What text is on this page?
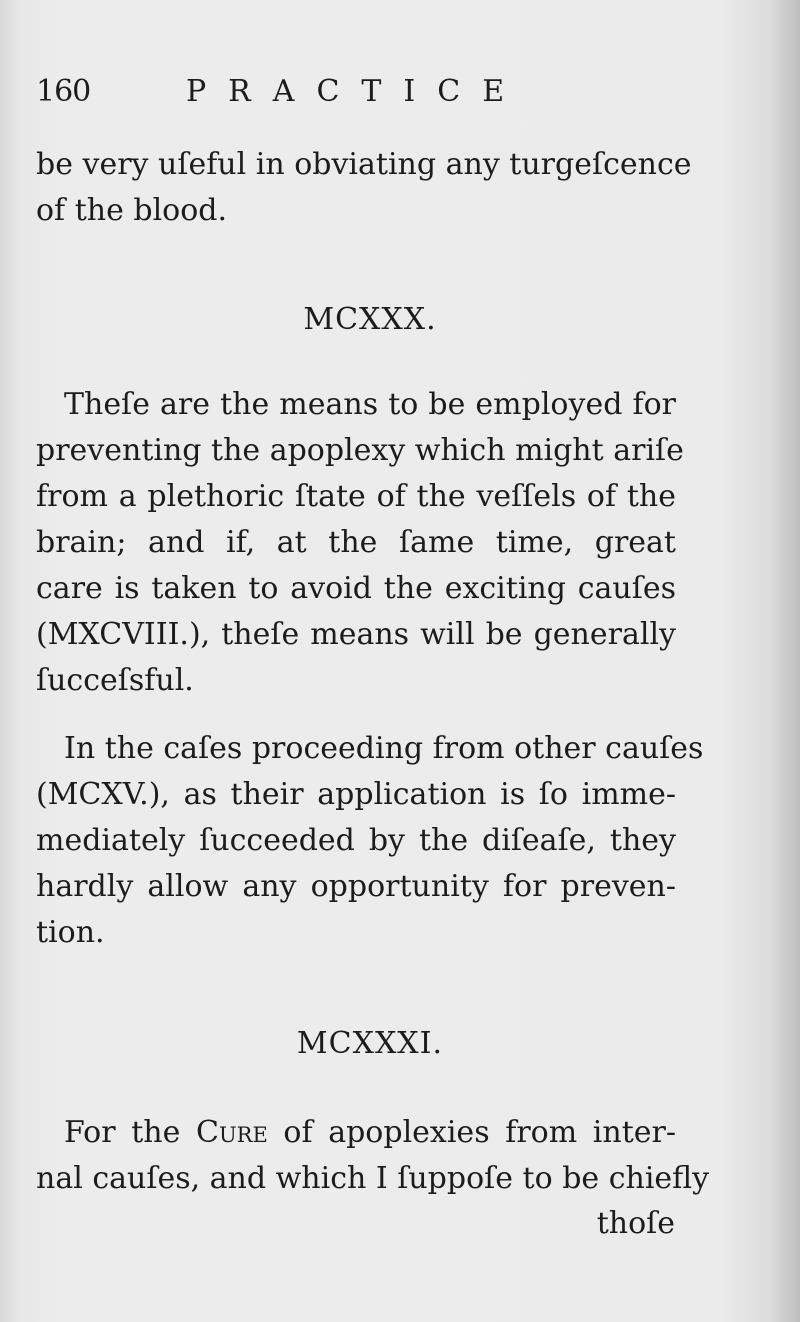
160	PRACTICE
be very uſeful in obviating any turgeſcence
of the blood.
MCXXX.
Theſe are the means to be employed for
preventing the apoplexy which might ariſe
from a plethoric ſtate of the veſſels of the
brain; and if, at the ſame time, great
care is taken to avoid the exciting cauſes
(MXCVIII.), theſe means will be generally
ſucceſsful.
In the caſes proceeding from other cauſes
(MCXV.), as their application is ſo imme-
mediately ſucceeded by the diſeaſe, they
hardly allow any opportunity for preven-
tion.
MCXXXI.
For the Cure of apoplexies from inter-
nal cauſes, and which I ſuppoſe to be chiefly
thoſe
